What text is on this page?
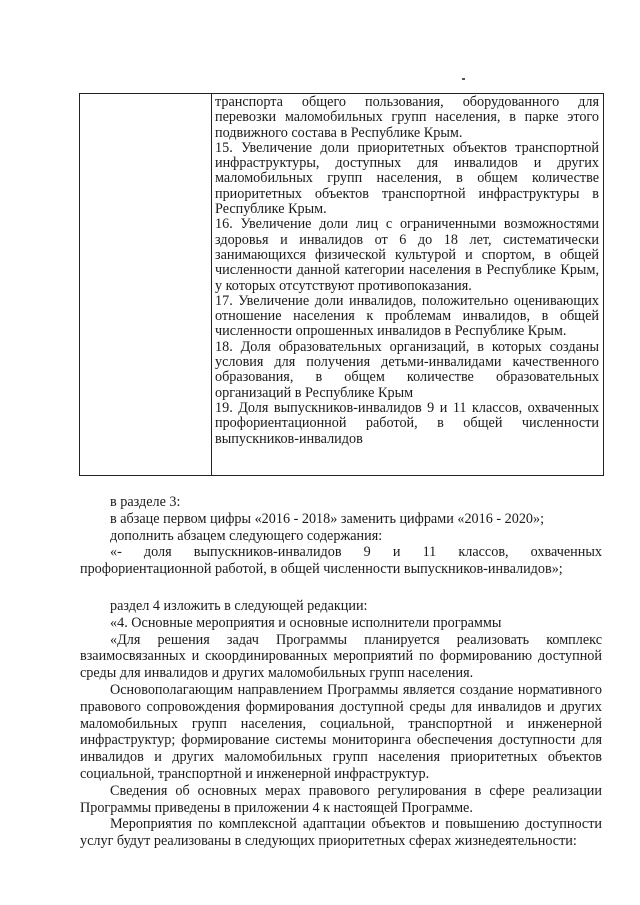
транспорта общего пользования, оборудованного для перевозки маломобильных групп населения, в парке этого подвижного состава в Республике Крым.

15. Увеличение доли приоритетных объектов транспортной инфраструктуры, доступных для инвалидов и других маломобильных групп населения, в общем количестве приоритетных объектов транспортной инфраструктуры в Республике Крым.

16. Увеличение доли лиц с ограниченными возможностями здоровья и инвалидов от 6 до 18 лет, систематически занимающихся физической культурой и спортом, в общей численности данной категории населения в Республике Крым, у которых отсутствуют противопоказания.

17. Увеличение доли инвалидов, положительно оценивающих отношение населения к проблемам инвалидов, в общей численности опрошенных инвалидов в Республике Крым.

18. Доля образовательных организаций, в которых созданы условия для получения детьми-инвалидами качественного образования, в общем количестве образовательных организаций в Республике Крым

19. Доля выпускников-инвалидов 9 и 11 классов, охваченных профориентационной работой, в общей численности выпускников-инвалидов

в разделе 3:

в абзаце первом цифры «2016 - 2018» заменить цифрами «2016 - 2020»;

дополнить абзацем следующего содержания:

«- доля выпускников-инвалидов 9 и 11 классов, охваченных профориентационной работой, в общей численности выпускников-инвалидов»;

раздел 4 изложить в следующей редакции:

«4. Основные мероприятия и основные исполнители программы

«Для решения задач Программы планируется реализовать комплекс взаимосвязанных и скоординированных мероприятий по формированию доступной среды для инвалидов и других маломобильных групп населения.

Основополагающим направлением Программы является создание нормативного правового сопровождения формирования доступной среды для инвалидов и других маломобильных групп населения, социальной, транспортной и инженерной инфраструктур; формирование системы мониторинга обеспечения доступности для инвалидов и других маломобильных групп населения приоритетных объектов социальной, транспортной и инженерной инфраструктур.

Сведения об основных мерах правового регулирования в сфере реализации Программы приведены в приложении 4 к настоящей Программе.

Мероприятия по комплексной адаптации объектов и повышению доступности услуг будут реализованы в следующих приоритетных сферах жизнедеятельности:
